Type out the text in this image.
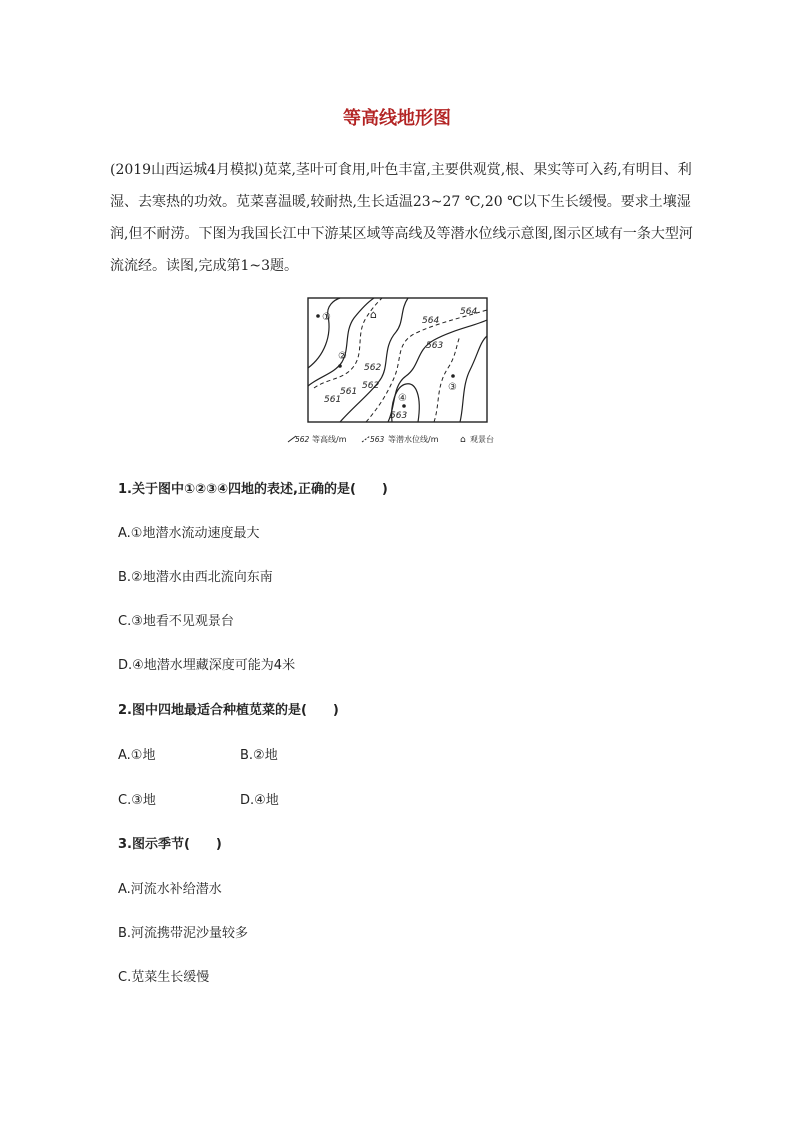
等高线地形图
(2019山西运城4月模拟)苋菜,茎叶可食用,叶色丰富,主要供观赏,根、果实等可入药,有明目、利湿、去寒热的功效。苋菜喜温暖,较耐热,生长适温23~27 ℃,20 ℃以下生长缓慢。要求土壤湿润,但不耐涝。下图为我国长江中下游某区域等高线及等潜水位线示意图,图示区域有一条大型河流流经。读图,完成第1~3题。
564
564
563
563
562
562
561
561
①
②
③
④
⌂
562 等高线/m	563 等潜水位线/m ⌂ 观景台
1.关于图中①②③④四地的表述,正确的是(　　)
A.①地潜水流动速度最大
B.②地潜水由西北流向东南
C.③地看不见观景台
D.④地潜水埋藏深度可能为4米
2.图中四地最适合种植苋菜的是(　　)
A.①地	B.②地
C.③地	D.④地
3.图示季节(　　)
A.河流水补给潜水
B.河流携带泥沙量较多
C.苋菜生长缓慢
